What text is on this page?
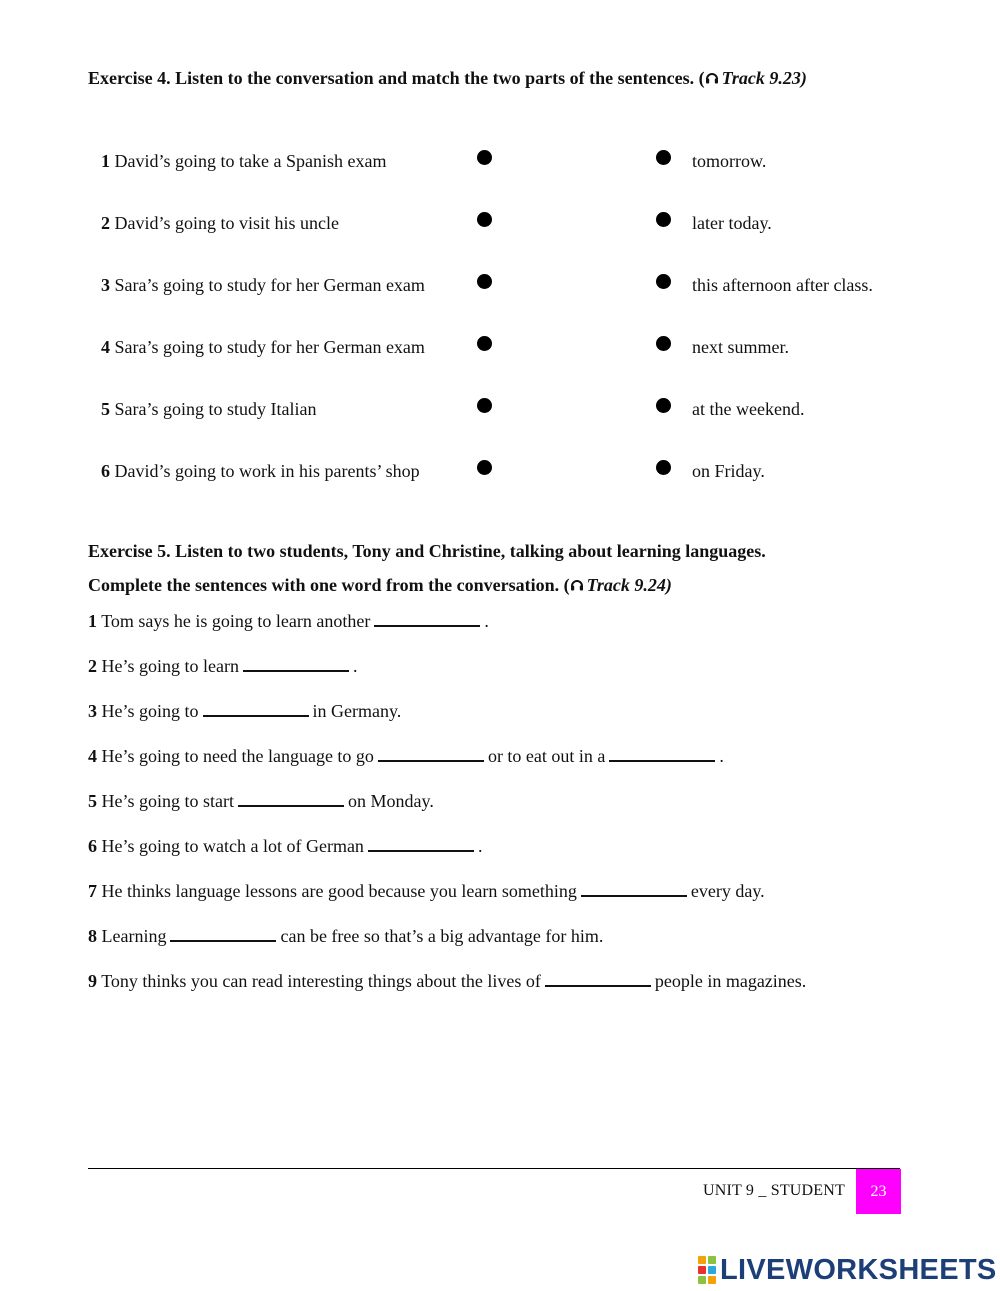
Exercise 4. Listen to the conversation and match the two parts of the sentences. ( Track 9.23)
1 David’s going to take a Spanish exam	tomorrow.
2 David’s going to visit his uncle	later today.
3 Sara’s going to study for her German exam	this afternoon after class.
4 Sara’s going to study for her German exam	next summer.
5 Sara’s going to study Italian	at the weekend.
6 David’s going to work in his parents’ shop	on Friday.
Exercise 5. Listen to two students, Tony and Christine, talking about learning languages.
Complete the sentences with one word from the conversation. ( Track 9.24)
1 Tom says he is going to learn another	.
2 He’s going to learn	.
3 He’s going to	in Germany.
4 He’s going to need the language to go	or to eat out in a	.
5 He’s going to start	on Monday.
6 He’s going to watch a lot of German	.
7 He thinks language lessons are good because you learn something	every day.
8 Learning	can be free so that’s a big advantage for him.
9 Tony thinks you can read interesting things about the lives of	people in magazines.
UNIT 9 _ STUDENT	23
LIVEWORKSHEETS
